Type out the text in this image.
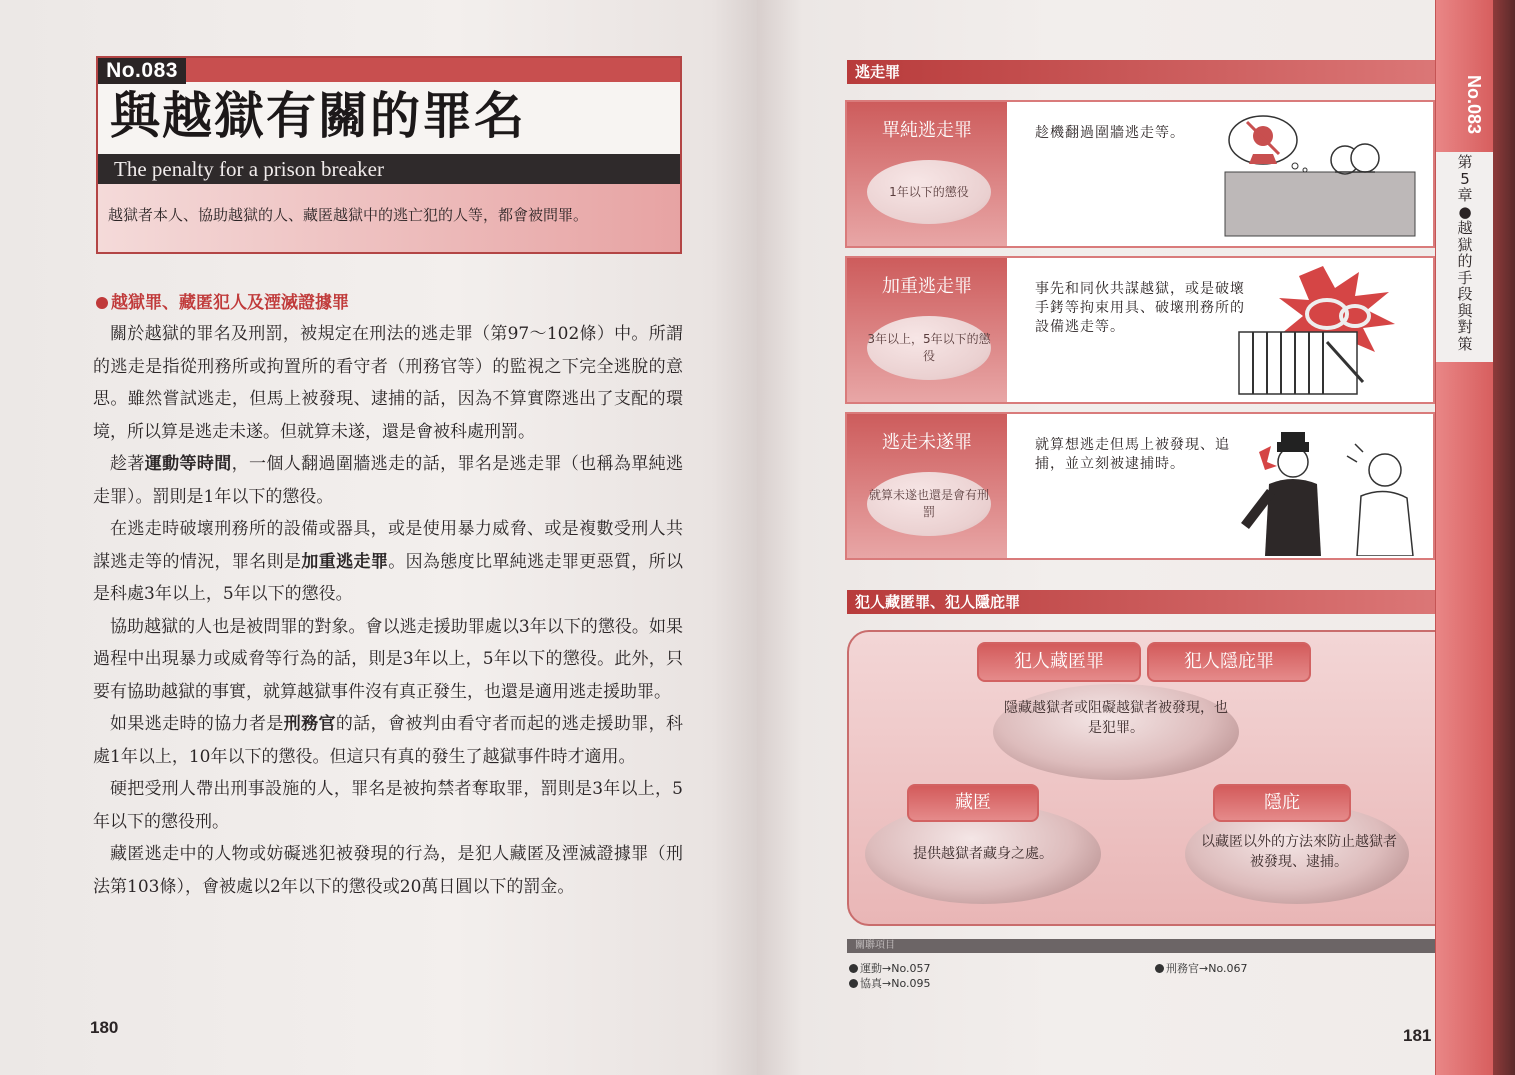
No.083
與越獄有關的罪名
The penalty for a prison breaker
越獄者本人、協助越獄的人、藏匿越獄中的逃亡犯的人等，都會被問罪。
越獄罪、藏匿犯人及湮滅證據罪

關於越獄的罪名及刑罰，被規定在刑法的逃走罪（第97～102條）中。所謂的逃走是指從刑務所或拘置所的看守者（刑務官等）的監視之下完全逃脫的意思。雖然嘗試逃走，但馬上被發現、逮捕的話，因為不算實際逃出了支配的環境，所以算是逃走未遂。但就算未遂，還是會被科處刑罰。

趁著運動等時間，一個人翻過圍牆逃走的話，罪名是逃走罪（也稱為單純逃走罪）。罰則是1年以下的懲役。

在逃走時破壞刑務所的設備或器具，或是使用暴力威脅、或是複數受刑人共謀逃走等的情況，罪名則是加重逃走罪。因為態度比單純逃走罪更惡質，所以是科處3年以上，5年以下的懲役。

協助越獄的人也是被問罪的對象。會以逃走援助罪處以3年以下的懲役。如果過程中出現暴力或威脅等行為的話，則是3年以上，5年以下的懲役。此外，只要有協助越獄的事實，就算越獄事件沒有真正發生，也還是適用逃走援助罪。

如果逃走時的協力者是刑務官的話，會被判由看守者而起的逃走援助罪，科處1年以上，10年以下的懲役。但這只有真的發生了越獄事件時才適用。

硬把受刑人帶出刑事設施的人，罪名是被拘禁者奪取罪，罰則是3年以上，5年以下的懲役刑。

藏匿逃走中的人物或妨礙逃犯被發現的行為，是犯人藏匿及湮滅證據罪（刑法第103條），會被處以2年以下的懲役或20萬日圓以下的罰金。

180
逃走罪
單純逃走罪
1年以下的懲役
趁機翻過圍牆逃走等。
加重逃走罪
3年以上，5年以下的懲役
事先和同伙共謀越獄，或是破壞手銬等拘束用具、破壞刑務所的設備逃走等。
逃走未遂罪
就算未遂也還是會有刑罰
就算想逃走但馬上被發現、追捕，並立刻被逮捕時。
犯人藏匿罪、犯人隱庇罪
隱藏越獄者或阻礙越獄者被發現，也是犯罪。
犯人藏匿罪	犯人隱庇罪
提供越獄者藏身之處。
藏匿
以藏匿以外的方法來防止越獄者被發現、逮捕。
隱庇
關聯項目
運動→No.057
協真→No.095
刑務官→No.067
181
No.083
第5章●越獄的手段與對策
